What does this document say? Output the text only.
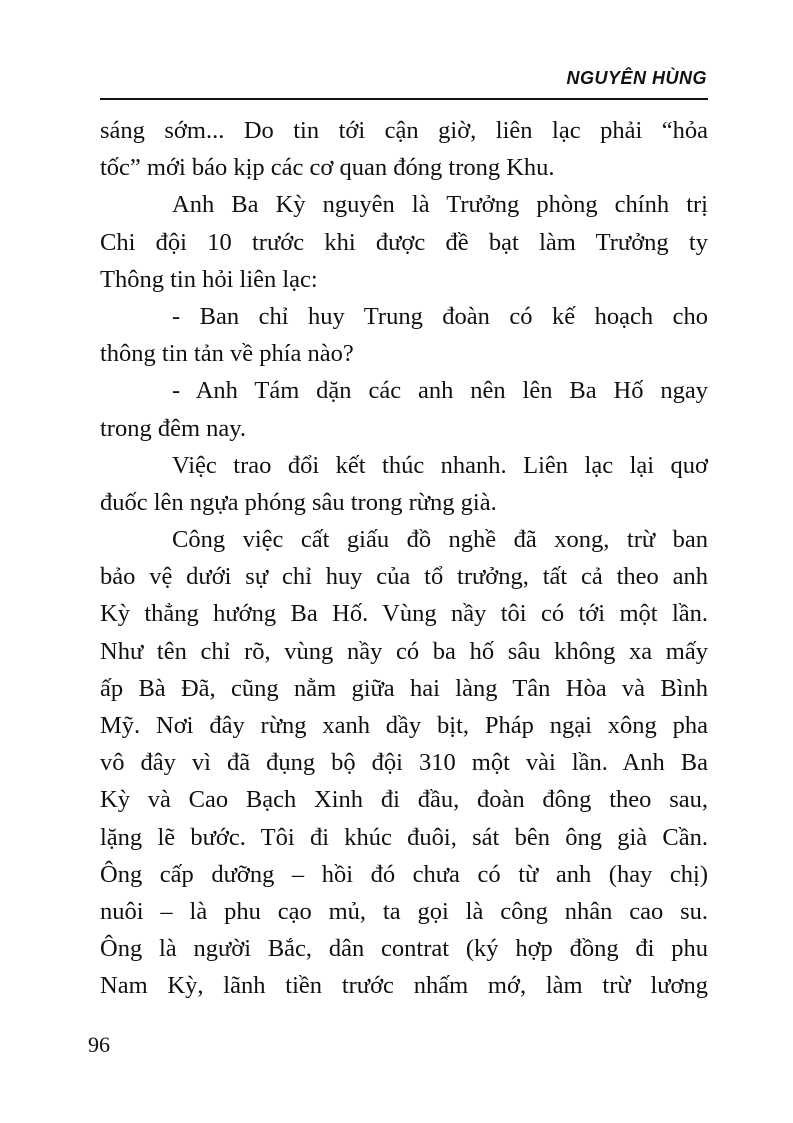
NGUYÊN HÙNG
sáng sớm... Do tin tới cận giờ, liên lạc phải “hỏa
tốc” mới báo kịp các cơ quan đóng trong Khu.
Anh Ba Kỳ nguyên là Trưởng phòng chính trị
Chi đội 10 trước khi được đề bạt làm Trưởng ty
Thông tin hỏi liên lạc:
- Ban chỉ huy Trung đoàn có kế hoạch cho
thông tin tản về phía nào?
- Anh Tám dặn các anh nên lên Ba Hố ngay
trong đêm nay.
Việc trao đổi kết thúc nhanh. Liên lạc lại quơ
đuốc lên ngựa phóng sâu trong rừng già.
Công việc cất giấu đồ nghề đã xong, trừ ban
bảo vệ dưới sự chỉ huy của tổ trưởng, tất cả theo anh
Kỳ thẳng hướng Ba Hố. Vùng nầy tôi có tới một lần.
Như tên chỉ rõ, vùng nầy có ba hố sâu không xa mấy
ấp Bà Đã, cũng nằm giữa hai làng Tân Hòa và Bình
Mỹ. Nơi đây rừng xanh dầy bịt, Pháp ngại xông pha
vô đây vì đã đụng bộ đội 310 một vài lần. Anh Ba
Kỳ và Cao Bạch Xinh đi đầu, đoàn đông theo sau,
lặng lẽ bước. Tôi đi khúc đuôi, sát bên ông già Cần.
Ông cấp dưỡng – hồi đó chưa có từ anh (hay chị)
nuôi – là phu cạo mủ, ta gọi là công nhân cao su.
Ông là người Bắc, dân contrat (ký hợp đồng đi phu
Nam Kỳ, lãnh tiền trước nhấm mớ, làm trừ lương
96
